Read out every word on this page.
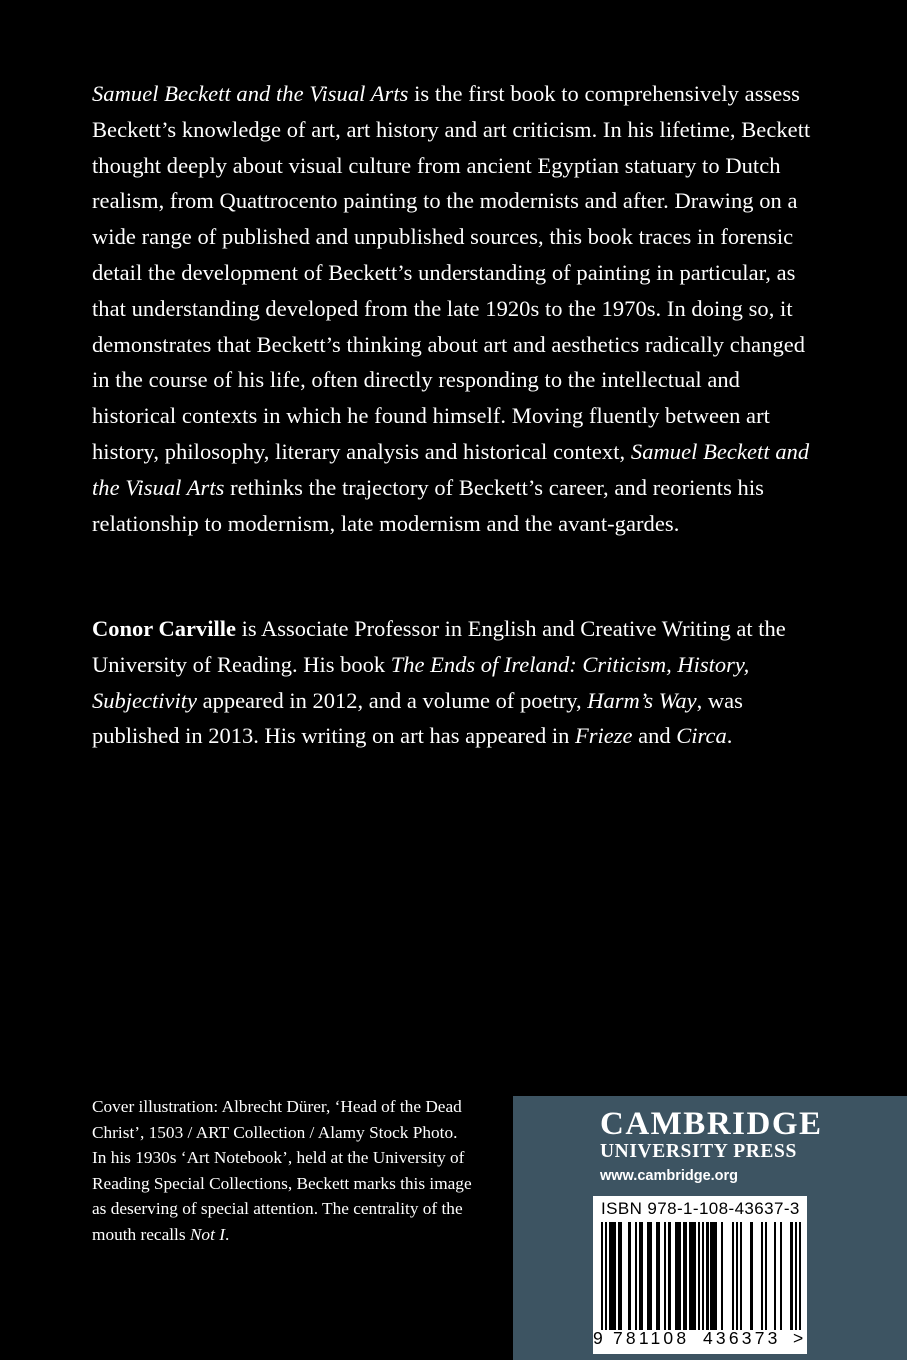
Samuel Beckett and the Visual Arts is the first book to comprehensively assess Beckett’s knowledge of art, art history and art criticism. In his lifetime, Beckett thought deeply about visual culture from ancient Egyptian statuary to Dutch realism, from Quattrocento painting to the modernists and after. Drawing on a wide range of published and unpublished sources, this book traces in forensic detail the development of Beckett’s understanding of painting in particular, as that understanding developed from the late 1920s to the 1970s. In doing so, it demonstrates that Beckett’s thinking about art and aesthetics radically changed in the course of his life, often directly responding to the intellectual and historical contexts in which he found himself. Moving fluently between art history, philosophy, literary analysis and historical context, Samuel Beckett and the Visual Arts rethinks the trajectory of Beckett’s career, and reorients his relationship to modernism, late modernism and the avant-gardes.

Conor Carville is Associate Professor in English and Creative Writing at the University of Reading. His book The Ends of Ireland: Criticism, History, Subjectivity appeared in 2012, and a volume of poetry, Harm’s Way, was published in 2013. His writing on art has appeared in Frieze and Circa.

Cover illustration: Albrecht Dürer, ‘Head of the Dead Christ’, 1503 / ART Collection / Alamy Stock Photo. In his 1930s ‘Art Notebook’, held at the University of Reading Special Collections, Beckett marks this image as deserving of special attention. The centrality of the mouth recalls Not I.

CAMBRIDGE

UNIVERSITY PRESS

www.cambridge.org

ISBN 978-1-108-43637-3

9 781108 436373 >
